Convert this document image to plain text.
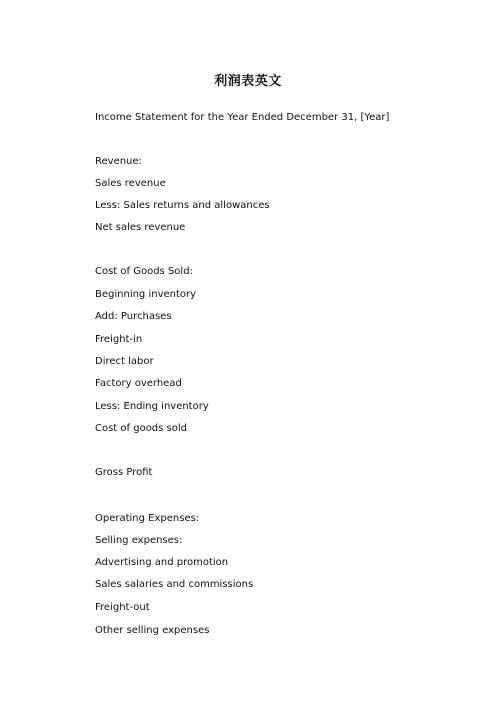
利润表英文
Income Statement for the Year Ended December 31, [Year]
Revenue:
Sales revenue
Less: Sales returns and allowances
Net sales revenue
Cost of Goods Sold:
Beginning inventory
Add: Purchases
Freight-in
Direct labor
Factory overhead
Less: Ending inventory
Cost of goods sold
Gross Profit
Operating Expenses:
Selling expenses:
Advertising and promotion
Sales salaries and commissions
Freight-out
Other selling expenses
